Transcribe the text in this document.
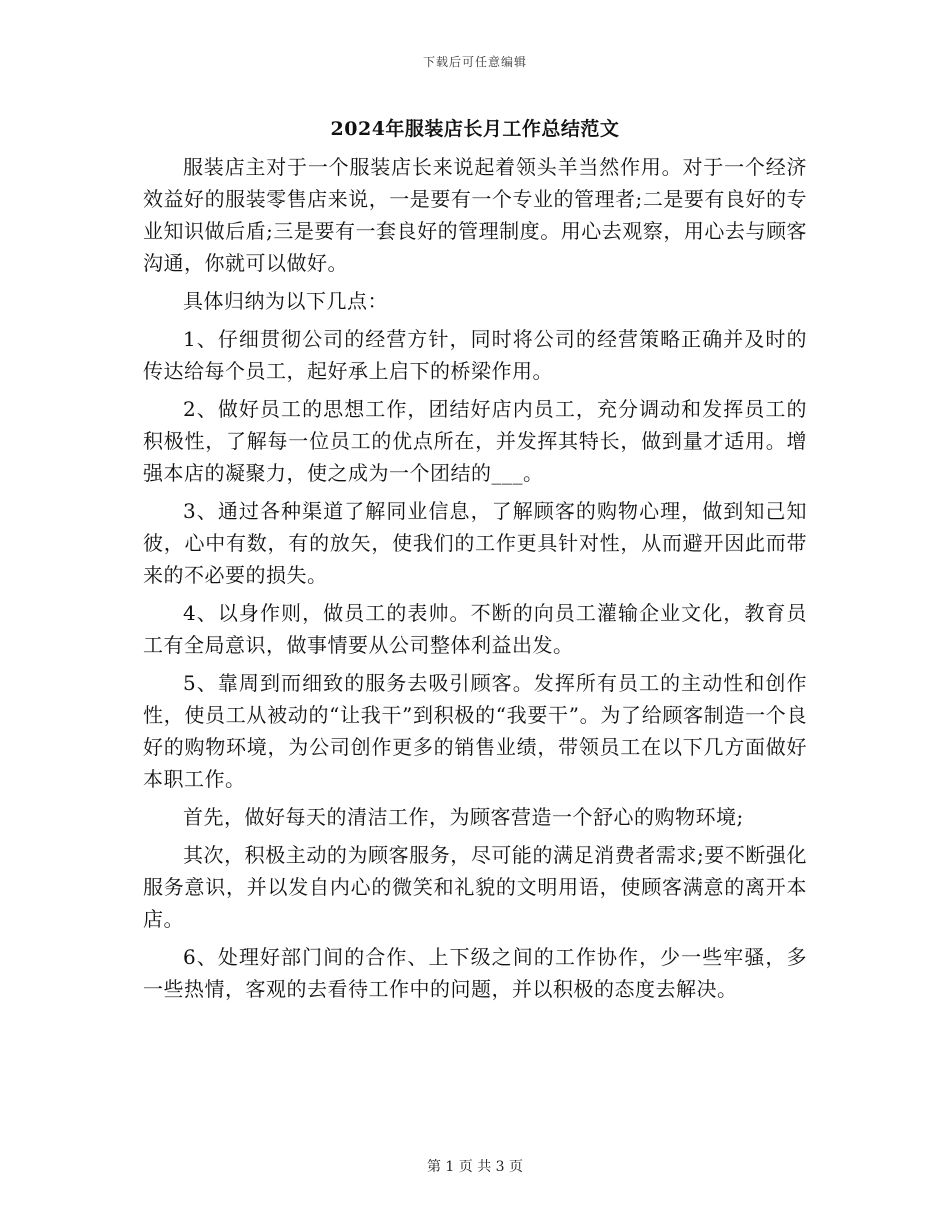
下载后可任意编辑
2024年服装店长月工作总结范文

服装店主对于一个服装店长来说起着领头羊当然作用。对于一个经济效益好的服装零售店来说，一是要有一个专业的管理者;二是要有良好的专业知识做后盾;三是要有一套良好的管理制度。用心去观察，用心去与顾客沟通，你就可以做好。

具体归纳为以下几点：

1、仔细贯彻公司的经营方针，同时将公司的经营策略正确并及时的传达给每个员工，起好承上启下的桥梁作用。

2、做好员工的思想工作，团结好店内员工，充分调动和发挥员工的积极性，了解每一位员工的优点所在，并发挥其特长，做到量才适用。增强本店的凝聚力，使之成为一个团结的___。

3、通过各种渠道了解同业信息，了解顾客的购物心理，做到知己知彼，心中有数，有的放矢，使我们的工作更具针对性，从而避开因此而带来的不必要的损失。

4、以身作则，做员工的表帅。不断的向员工灌输企业文化，教育员工有全局意识，做事情要从公司整体利益出发。

5、靠周到而细致的服务去吸引顾客。发挥所有员工的主动性和创作性，使员工从被动的“让我干”到积极的“我要干”。为了给顾客制造一个良好的购物环境，为公司创作更多的销售业绩，带领员工在以下几方面做好本职工作。

首先，做好每天的清洁工作，为顾客营造一个舒心的购物环境;

其次，积极主动的为顾客服务，尽可能的满足消费者需求;要不断强化服务意识，并以发自内心的微笑和礼貌的文明用语，使顾客满意的离开本店。

6、处理好部门间的合作、上下级之间的工作协作，少一些牢骚，多一些热情，客观的去看待工作中的问题，并以积极的态度去解决。

第 1 页 共 3 页
